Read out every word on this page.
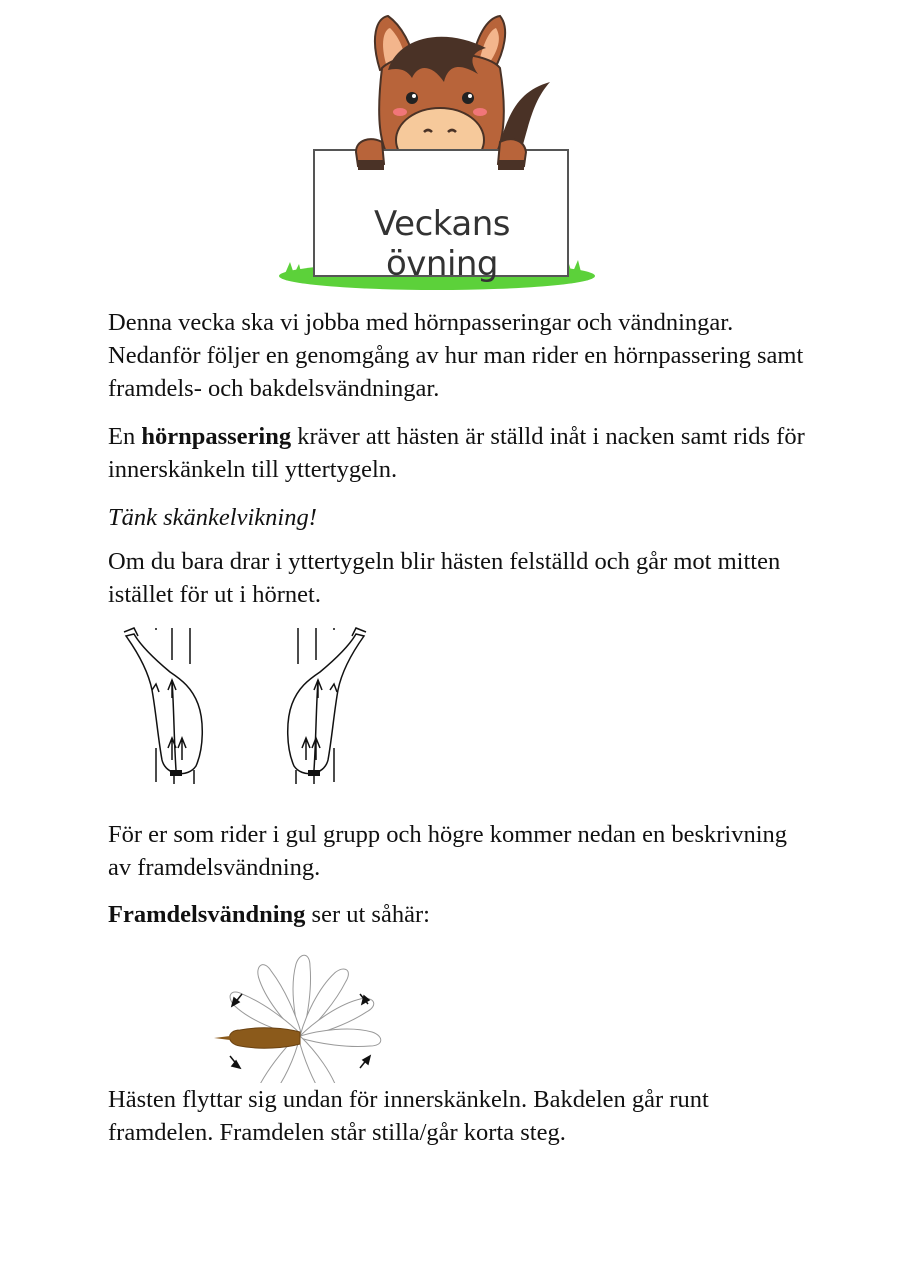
Veckans övning

Denna vecka ska vi jobba med hörnpasseringar och vändningar. Nedanför följer en genomgång av hur man rider en hörnpassering samt framdels- och bakdelsvändningar.

En hörnpassering kräver att hästen är ställd inåt i nacken samt rids för innerskänkeln till yttertygeln.

Tänk skänkelvikning!

Om du bara drar i yttertygeln blir hästen felställd och går mot mitten istället för ut i hörnet.

För er som rider i gul grupp och högre kommer nedan en beskrivning av framdelsvändning.

Framdelsvändning ser ut såhär:

Hästen flyttar sig undan för innerskänkeln. Bakdelen går runt framdelen. Framdelen står stilla/går korta steg.
